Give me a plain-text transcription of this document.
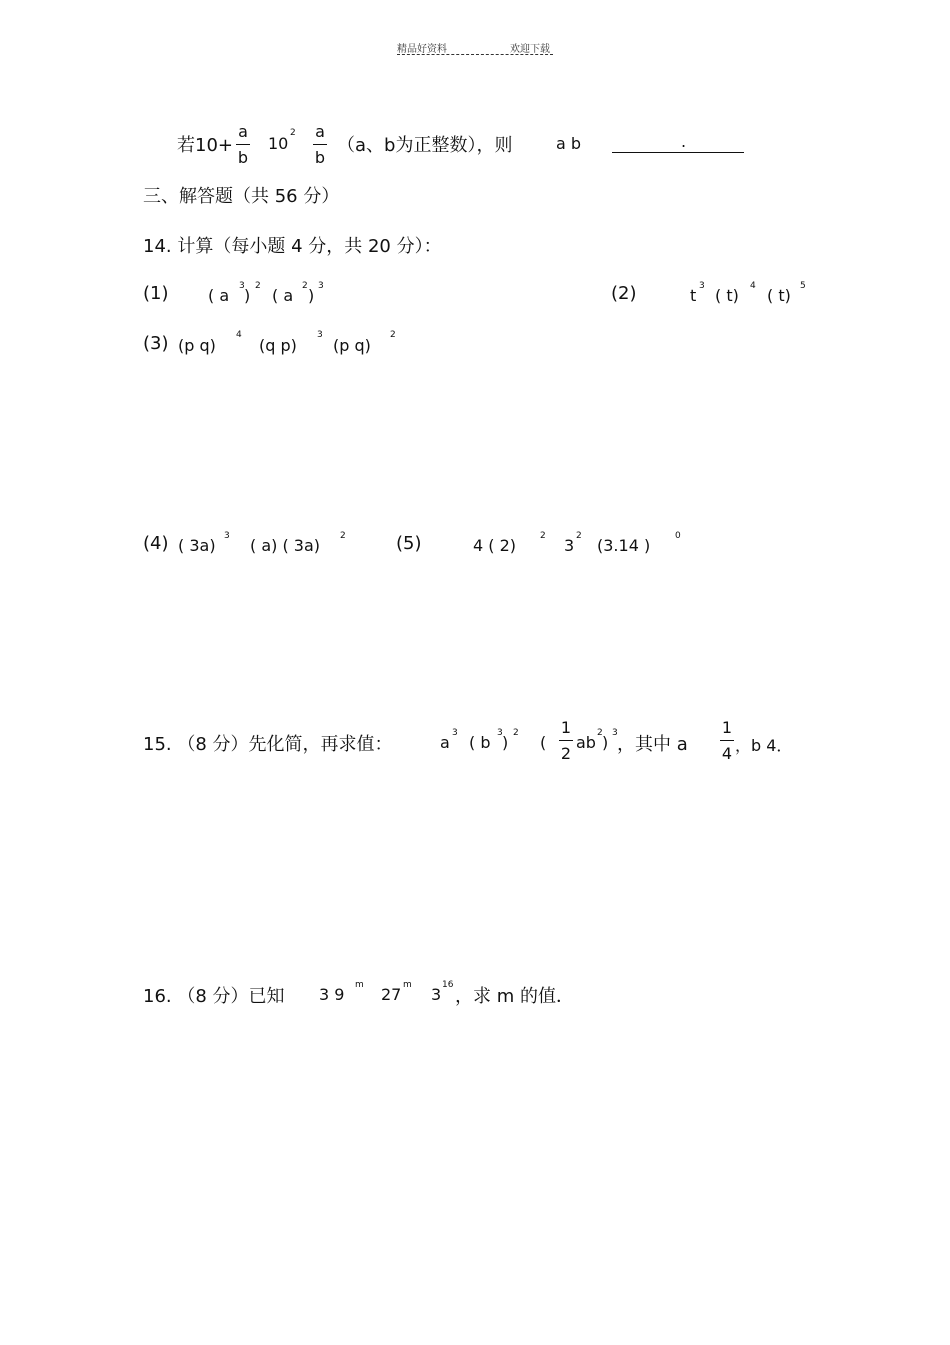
精品好资料	欢迎下载
若10+
a
b
10
2 a
b
（a、b为正整数），则	a b	.
三、解答题（共 56 分）
14. 计算（每小题 4 分，共 20 分）：
(1) ( a 3 ) 2 ( a 2 ) 3	(2)	t 3 ( t) 4 ( t) 5
(3) (p q)
4
(q p)
3
(p q)
2
(4) ( 3a) 3 ( a) ( 3a) 2	(5)	4 ( 2)	2 3 2 (3.14 )	0
15. （8 分）先化简，再求值：	a 3 ( b 3 ) 2 (
1
2
ab 2 ) 3
，其中 a
1
4 ，b 4．
16. （8 分）已知 3 9 m 27 m 3 16
，求 m 的值．
